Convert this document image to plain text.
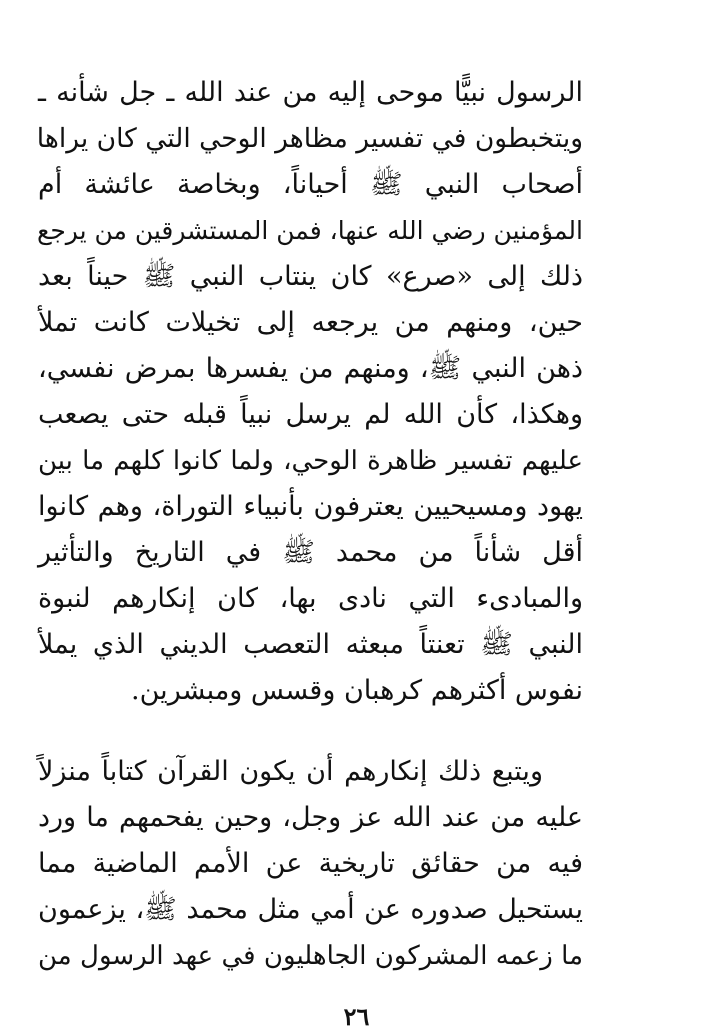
الرسول نبيًّا موحى إليه من عند الله ـ جل شأنه ـ
ويتخبطون في تفسير مظاهر الوحي التي كان يراها
أصحاب النبي ﷺ أحياناً، وبخاصة عائشة أم
المؤمنين رضي الله عنها، فمن المستشرقين من يرجع
ذلك إلى «صرع» كان ينتاب النبي ﷺ حيناً بعد
حين، ومنهم من يرجعه إلى تخيلات كانت تملأ
ذهن النبي ﷺ، ومنهم من يفسرها بمرض نفسي،
وهكذا، كأن الله لم يرسل نبياً قبله حتى يصعب
عليهم تفسير ظاهرة الوحي، ولما كانوا كلهم ما بين
يهود ومسيحيين يعترفون بأنبياء التوراة، وهم كانوا
أقل شأناً من محمد ﷺ في التاريخ والتأثير
والمبادىء التي نادى بها، كان إنكارهم لنبوة
النبي ﷺ تعنتاً مبعثه التعصب الديني الذي يملأ
نفوس أكثرهم كرهبان وقسس ومبشرين.
ويتبع ذلك إنكارهم أن يكون القرآن كتاباً منزلاً
عليه من عند الله عز وجل، وحين يفحمهم ما ورد
فيه من حقائق تاريخية عن الأمم الماضية مما
يستحيل صدوره عن أمي مثل محمد ﷺ، يزعمون
ما زعمه المشركون الجاهليون في عهد الرسول من
٢٦
